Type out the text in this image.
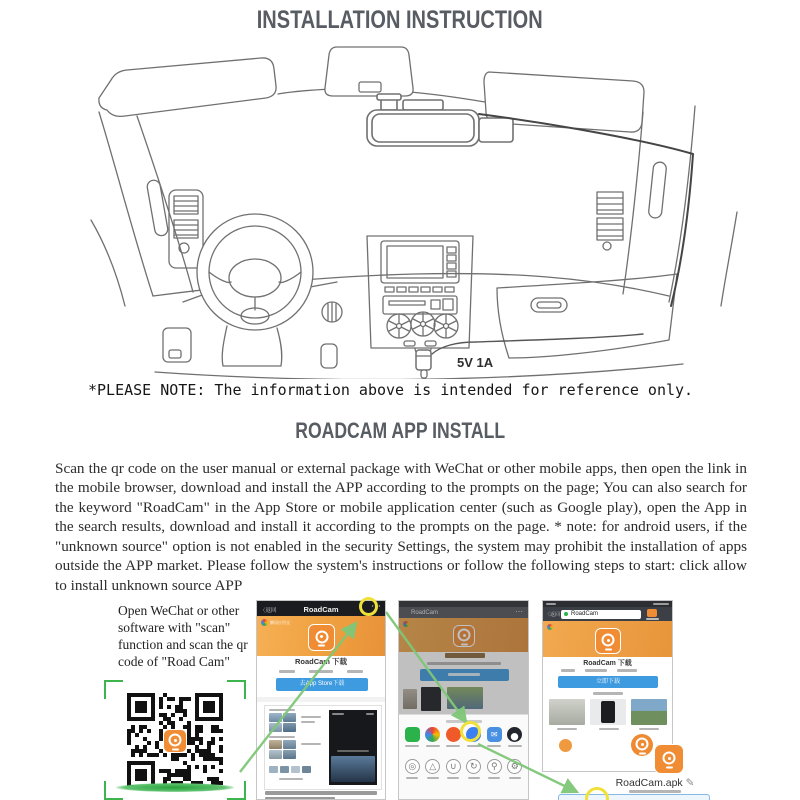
INSTALLATION INSTRUCTION
5V 1A
*PLEASE NOTE: The information above is intended for reference only.
ROADCAM APP INSTALL

Scan the qr code on the user manual or external package with WeChat or other mobile apps, then open the link in the mobile browser, download and install the APP according to the prompts on the page; You can also search for the keyword "RoadCam" in the App Store or mobile application center (such as Google play), open the App in the search results, download and install it according to the prompts on the page. * note: for android users, if the "unknown source" option is not enabled in the security Settings, the system may prohibit the installation of apps outside the APP market. Please follow the system's instructions or follow the following steps to start: click allow to install unknown source APP

Open WeChat or other software with "scan" function and scan the qr code of "Road Cam"
〈返回	RoadCam	⋯
腾讯应用宝
RoadCam 下载
去App Store下载
RoadCam	⋯
✉
◎	△	∪	↻	⚲	⚙
〈返回 RoadCam
RoadCam 下载
立即下载
RoadCam.apk ✎
